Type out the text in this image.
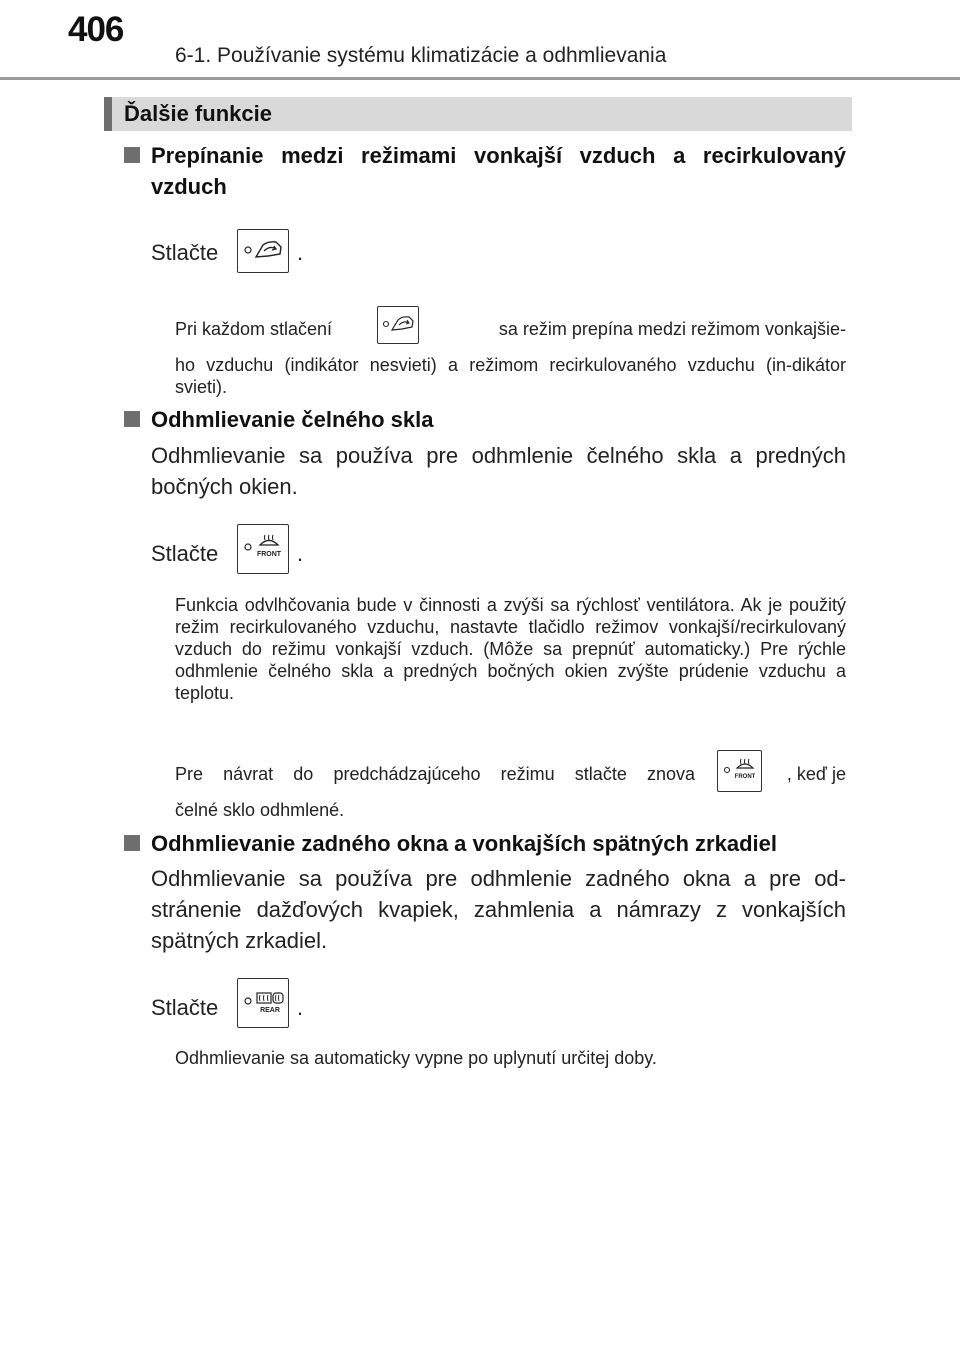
406
6-1. Používanie systému klimatizácie a odhmlievania
Ďalšie funkcie
Prepínanie medzi režimami vonkajší vzduch a recirkulovaný vzduch
Stlačte	.
Pri každom stlačení	sa režim prepína medzi režimom vonkajšie-
ho vzduchu (indikátor nesvieti) a režimom recirkulovaného vzduchu (in-dikátor svieti).
Odhmlievanie čelného skla
Odhmlievanie sa používa pre odhmlenie čelného skla a predných bočných okien.
Stlačte	.
FRONT
Funkcia odvlhčovania bude v činnosti a zvýši sa rýchlosť ventilátora. Ak je použitý režim recirkulovaného vzduchu, nastavte tlačidlo režimov vonkajší/recirkulovaný vzduch do režimu vonkajší vzduch. (Môže sa prepnúť automaticky.) Pre rýchle odhmlenie čelného skla a predných bočných okien zvýšte prúdenie vzduchu a teplotu.
Pre návrat do predchádzajúceho režimu stlačte znova	, keď je
FRONT
čelné sklo odhmlené.
Odhmlievanie zadného okna a vonkajších spätných zrkadiel
Odhmlievanie sa používa pre odhmlenie zadného okna a pre od-stránenie dažďových kvapiek, zahmlenia a námrazy z vonkajších spätných zrkadiel.
Stlačte	.
REAR
Odhmlievanie sa automaticky vypne po uplynutí určitej doby.
